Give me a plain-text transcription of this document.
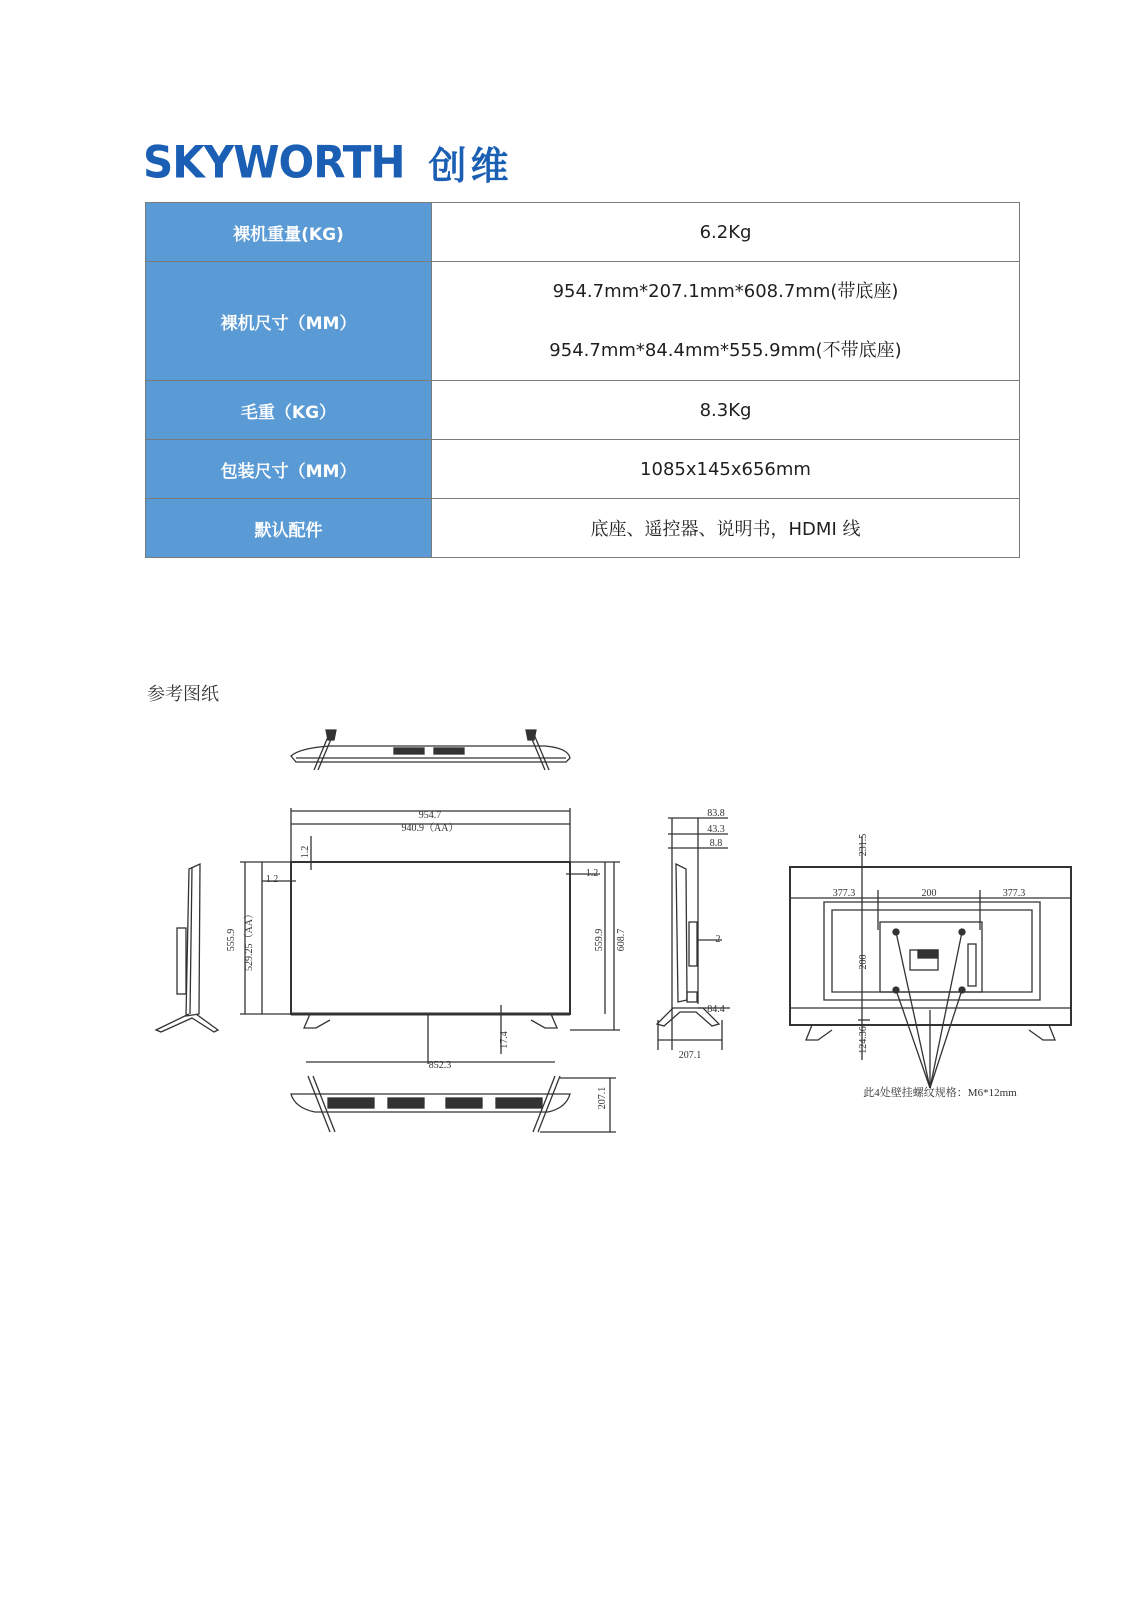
SKYWORTH 创维
裸机重量(KG)	6.2Kg
裸机尺寸（MM）	954.7mm*207.1mm*608.7mm(带底座)
954.7mm*84.4mm*555.9mm(不带底座)

毛重（KG）	8.3Kg
包装尺寸（MM）	1085x145x656mm
默认配件	底座、遥控器、说明书，HDMI 线
参考图纸
954.7
940.9（AA）
1.2
1.2
1.2
555.9 529.25（AA）	559.9 608.7
17.4
852.3
207.1
83.8
43.3
8.8
2
84.4
207.1
377.3	200	377.3
231.5
200
124.36
此4处壁挂螺纹规格：M6*12mm
